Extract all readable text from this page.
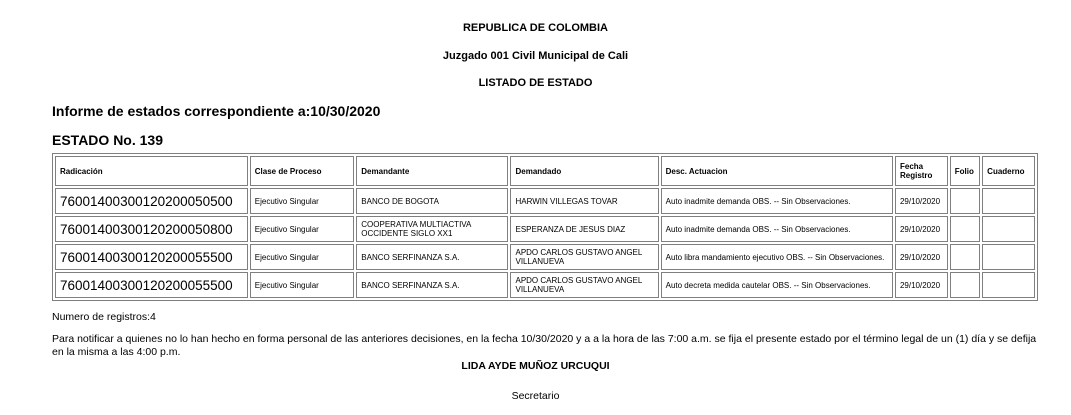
REPUBLICA DE COLOMBIA
Juzgado 001 Civil Municipal de Cali
LISTADO DE ESTADO
Informe de estados correspondiente a:10/30/2020
ESTADO No. 139
Radicación	Clase de Proceso	Demandante	Demandado	Desc. Actuacion	Fecha Registro	Folio	Cuaderno
76001400300120200050500	Ejecutivo Singular	BANCO DE BOGOTA	HARWIN VILLEGAS TOVAR	Auto inadmite demanda OBS. -- Sin Observaciones.	29/10/2020		
76001400300120200050800	Ejecutivo Singular	COOPERATIVA MULTIACTIVA OCCIDENTE SIGLO XX1	ESPERANZA DE JESUS DIAZ	Auto inadmite demanda OBS. -- Sin Observaciones.	29/10/2020		
76001400300120200055500	Ejecutivo Singular	BANCO SERFINANZA S.A.	APDO CARLOS GUSTAVO ANGEL VILLANUEVA	Auto libra mandamiento ejecutivo OBS. -- Sin Observaciones.	29/10/2020		
76001400300120200055500	Ejecutivo Singular	BANCO SERFINANZA S.A.	APDO CARLOS GUSTAVO ANGEL VILLANUEVA	Auto decreta medida cautelar OBS. -- Sin Observaciones.	29/10/2020		
Numero de registros:4
Para notificar a quienes no lo han hecho en forma personal de las anteriores decisiones, en la fecha 10/30/2020 y a a la hora de las 7:00 a.m. se fija el presente estado por el término legal de un (1) día y se defija en la misma a las 4:00 p.m.
LIDA AYDE MUÑOZ URCUQUI
Secretario
